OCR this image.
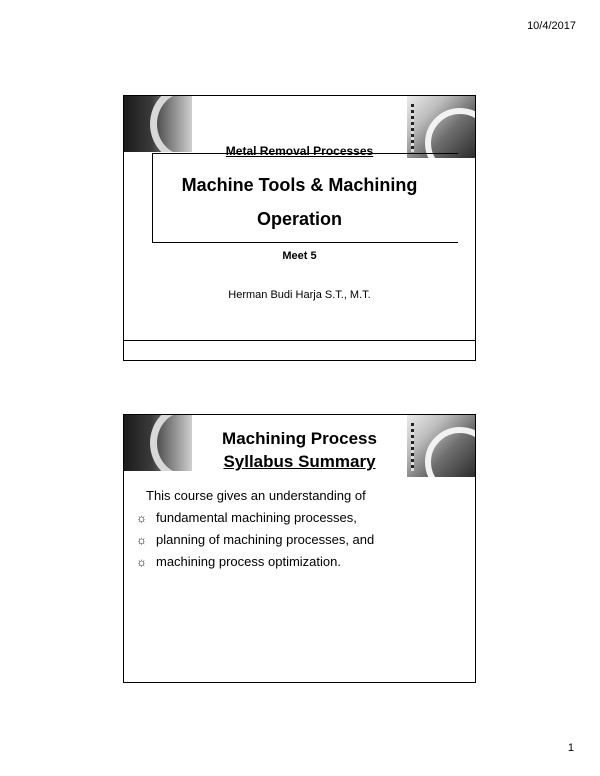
10/4/2017
Metal Removal Processes
Machine Tools & Machining
Operation
Meet 5
Herman Budi Harja S.T., M.T.
Machining Process
Syllabus Summary
This course gives an understanding of
☼ fundamental machining processes,
☼ planning of machining processes, and
☼ machining process optimization.
1
